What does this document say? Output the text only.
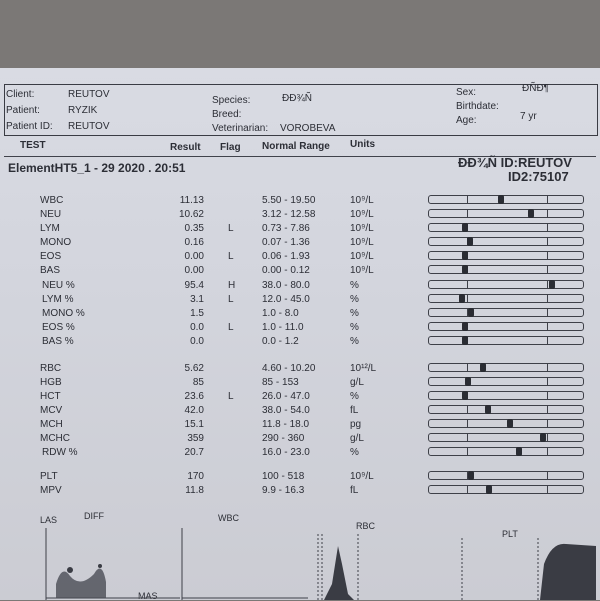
Client:	REUTOV
Patient:	RYZIK
Patient ID: REUTOV
Species:	ÐÐ¾Ñ
Breed:
Veterinarian: VOROBEVA
Sex:	ÐÑÐ¶
Birthdate:
Age:	7 yr
TEST	Result Flag Normal Range Units
ElementHT5_1 - 29 2020 . 20:51	ÐÐ¾Ñ ID:REUTOV
ID2:75107
WBC	11.13	5.50 - 19.50	10⁹/L
NEU	10.62	3.12 - 12.58	10⁹/L
LYM	0.35 L	0.73 - 7.86	10⁹/L
MONO	0.16	0.07 - 1.36	10⁹/L
EOS	0.00 L	0.06 - 1.93	10⁹/L
BAS	0.00	0.00 - 0.12	10⁹/L
NEU %	95.4 H	38.0 - 80.0	%
LYM %	3.1 L	12.0 - 45.0	%
MONO %	1.5	1.0 - 8.0	%
EOS %	0.0 L	1.0 - 11.0	%
BAS %	0.0	0.0 - 1.2	%
RBC	5.62	4.60 - 10.20	10¹²/L
HGB	85	85 - 153	g/L
HCT	23.6 L	26.0 - 47.0	%
MCV	42.0	38.0 - 54.0	fL
MCH	15.1	11.8 - 18.0	pg
MCHC	359	290 - 360	g/L
RDW %	20.7	16.0 - 23.0	%
PLT	170	100 - 518	10⁹/L
MPV	11.8	9.9 - 16.3	fL
LAS	DIFF	WBC
RBC
PLT
MAS
